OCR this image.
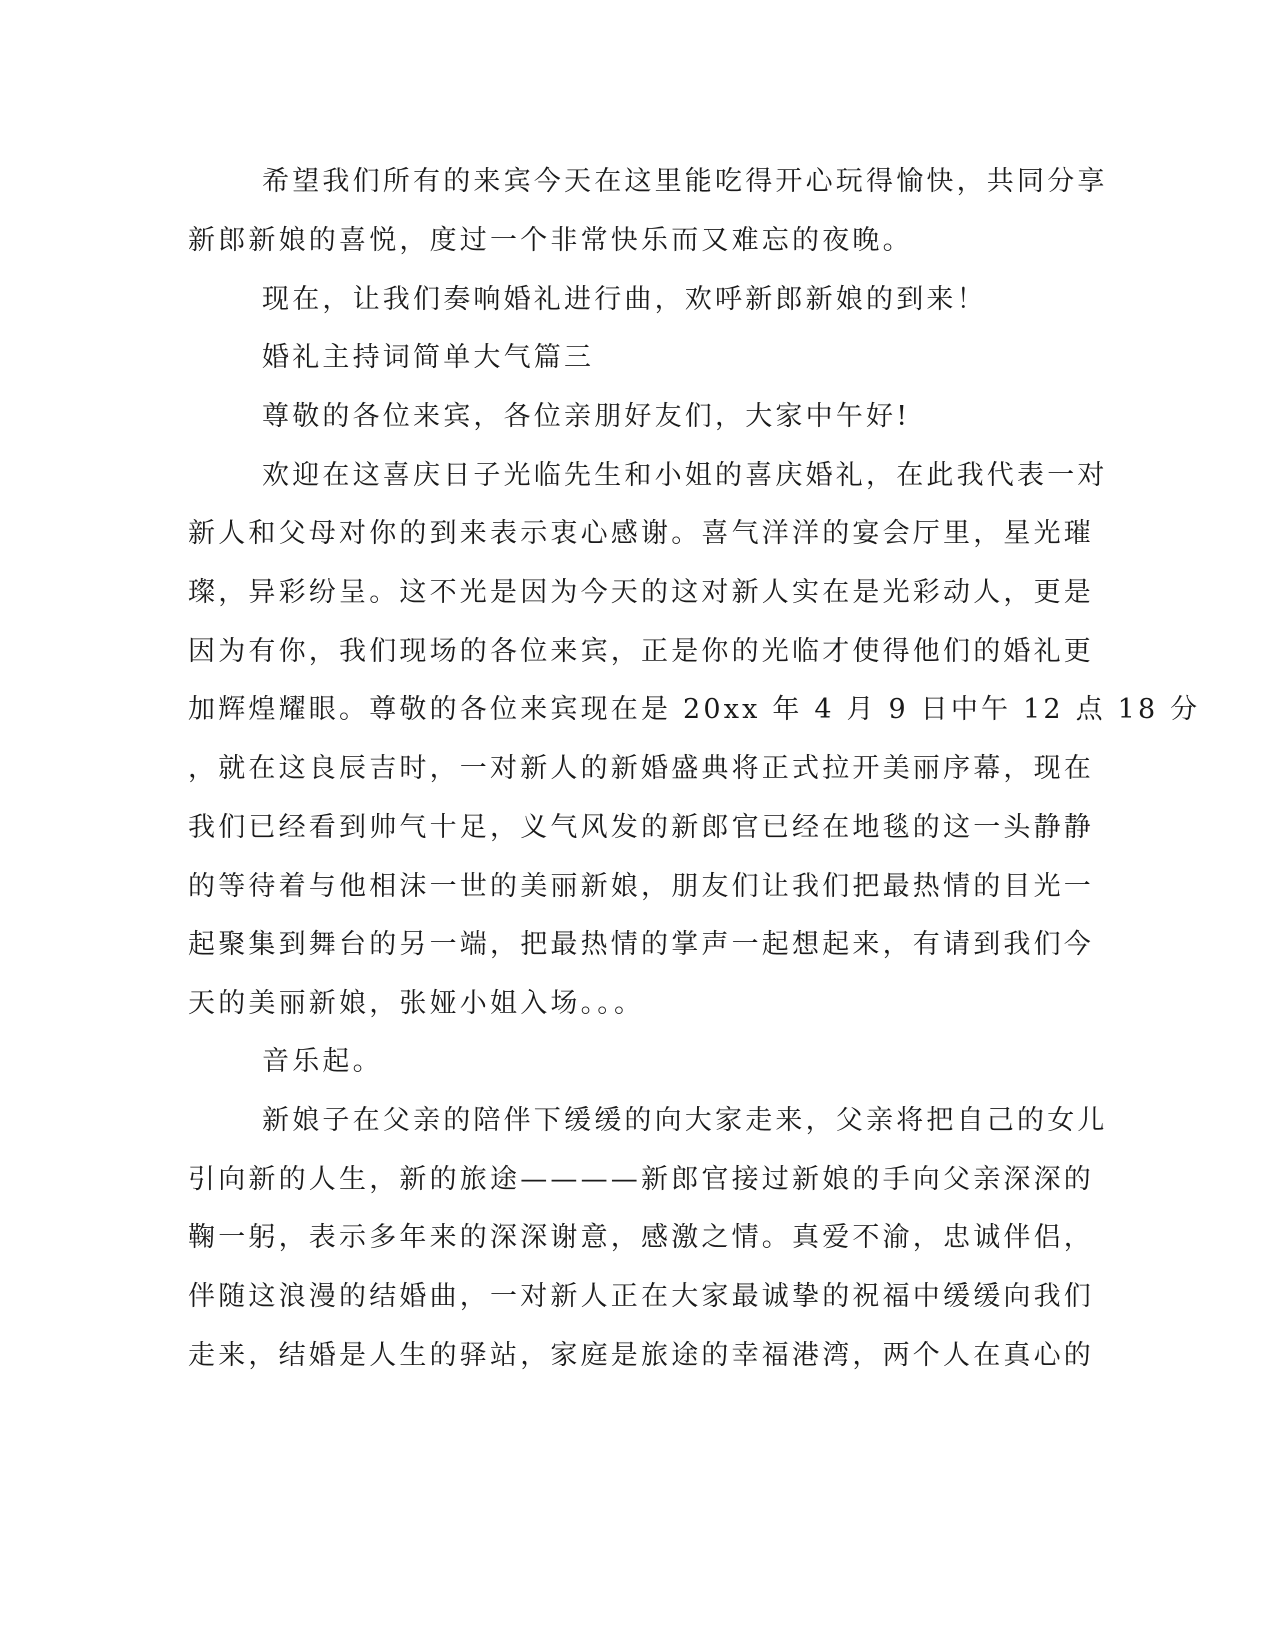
希望我们所有的来宾今天在这里能吃得开心玩得愉快，共同分享
新郎新娘的喜悦，度过一个非常快乐而又难忘的夜晚。
现在，让我们奏响婚礼进行曲，欢呼新郎新娘的到来！
婚礼主持词简单大气篇三
尊敬的各位来宾，各位亲朋好友们，大家中午好!
欢迎在这喜庆日子光临先生和小姐的喜庆婚礼，在此我代表一对
新人和父母对你的到来表示衷心感谢。喜气洋洋的宴会厅里，星光璀
璨，异彩纷呈。这不光是因为今天的这对新人实在是光彩动人，更是
因为有你，我们现场的各位来宾，正是你的光临才使得他们的婚礼更
加辉煌耀眼。尊敬的各位来宾现在是 20xx 年 4 月 9 日中午 12 点 18 分
，就在这良辰吉时，一对新人的新婚盛典将正式拉开美丽序幕，现在
我们已经看到帅气十足，义气风发的新郎官已经在地毯的这一头静静
的等待着与他相沫一世的美丽新娘，朋友们让我们把最热情的目光一
起聚集到舞台的另一端，把最热情的掌声一起想起来，有请到我们今
天的美丽新娘，张娅小姐入场。。。
音乐起。
新娘子在父亲的陪伴下缓缓的向大家走来，父亲将把自己的女儿
引向新的人生，新的旅途————新郎官接过新娘的手向父亲深深的
鞠一躬，表示多年来的深深谢意，感激之情。真爱不渝，忠诚伴侣，
伴随这浪漫的结婚曲，一对新人正在大家最诚挚的祝福中缓缓向我们
走来，结婚是人生的驿站，家庭是旅途的幸福港湾，两个人在真心的
